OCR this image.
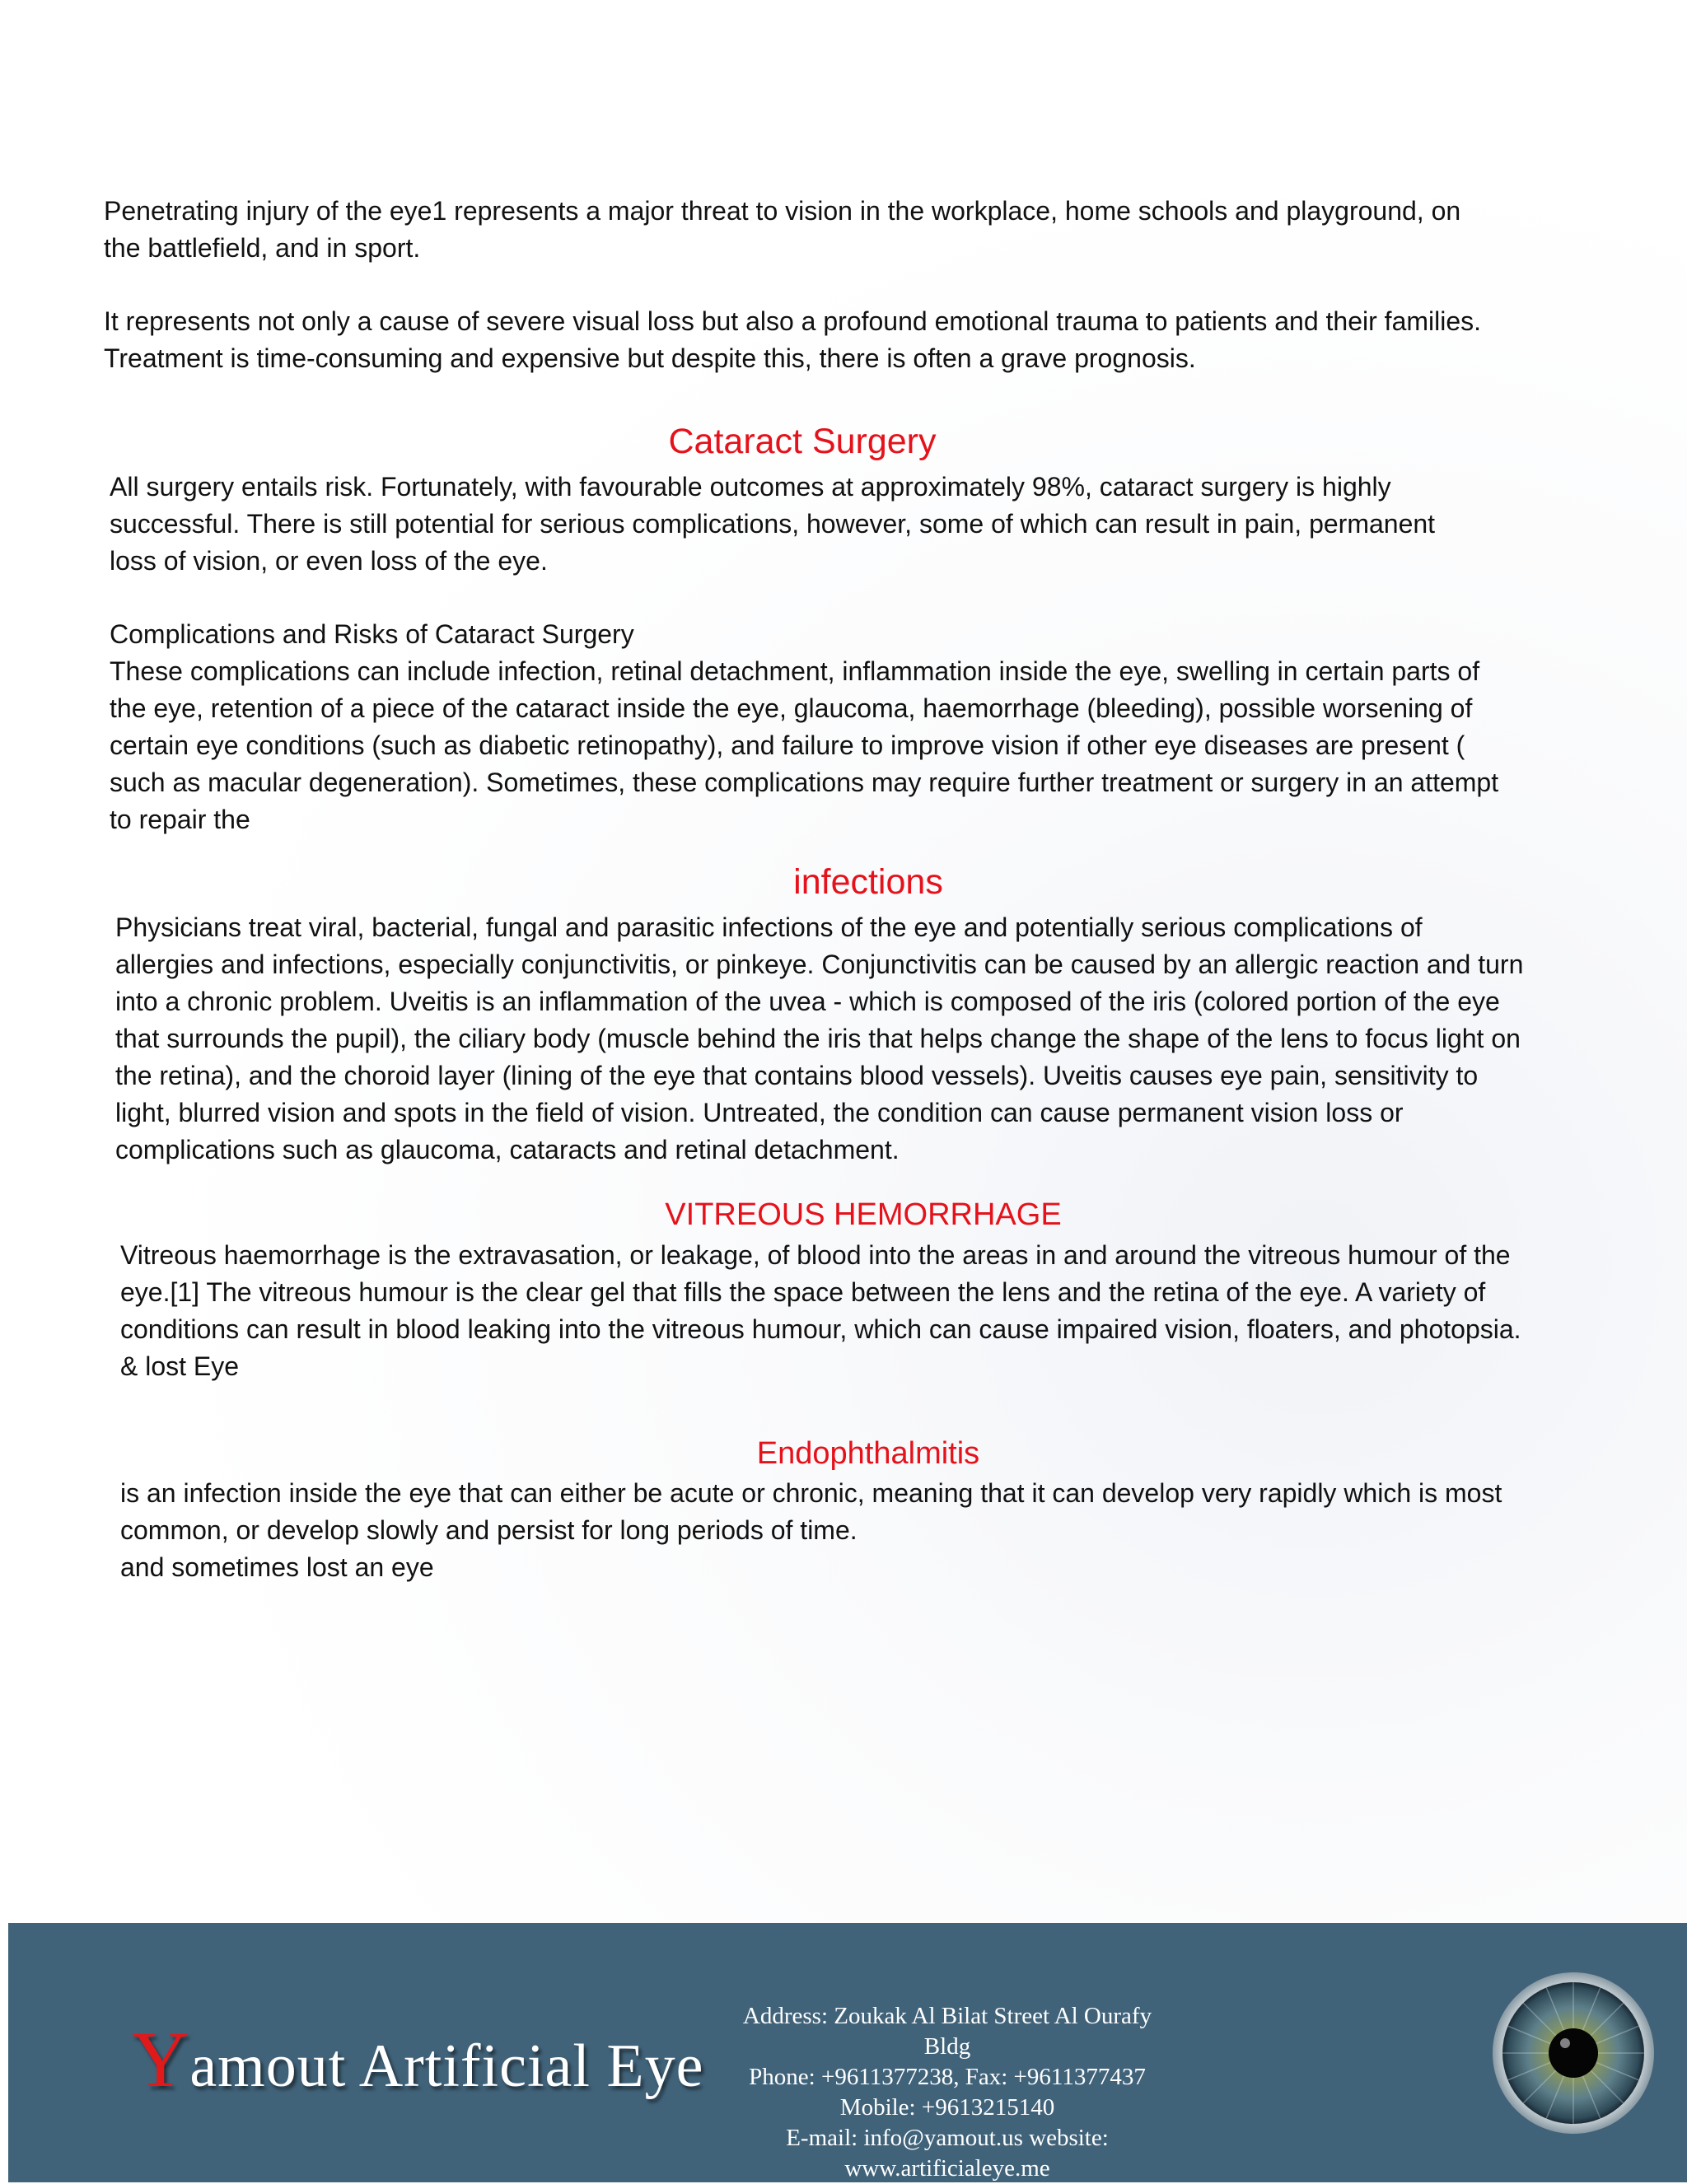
Penetrating injury of the eye1 represents a major threat to vision in the workplace, home schools and playground, on
the battlefield, and in sport.

It represents not only a cause of severe visual loss but also a profound emotional trauma to patients and their families.
Treatment is time-consuming and expensive but despite this, there is often a grave prognosis.

Cataract Surgery

All surgery entails risk. Fortunately, with favourable outcomes at approximately 98%, cataract surgery is highly
successful. There is still potential for serious complications, however, some of which can result in pain, permanent
loss of vision, or even loss of the eye.

Complications and Risks of Cataract Surgery

These complications can include infection, retinal detachment, inflammation inside the eye, swelling in certain parts of
the eye, retention of a piece of the cataract inside the eye, glaucoma, haemorrhage (bleeding), possible worsening of
certain eye conditions (such as diabetic retinopathy), and failure to improve vision if other eye diseases are present (
such as macular degeneration). Sometimes, these complications may require further treatment or surgery in an attempt
to repair the

infections

Physicians treat viral, bacterial, fungal and parasitic infections of the eye and potentially serious complications of
allergies and infections, especially conjunctivitis, or pinkeye. Conjunctivitis can be caused by an allergic reaction and turn
into a chronic problem. Uveitis is an inflammation of the uvea - which is composed of the iris (colored portion of the eye
that surrounds the pupil), the ciliary body (muscle behind the iris that helps change the shape of the lens to focus light on
the retina), and the choroid layer (lining of the eye that contains blood vessels). Uveitis causes eye pain, sensitivity to
light, blurred vision and spots in the field of vision. Untreated, the condition can cause permanent vision loss or
complications such as glaucoma, cataracts and retinal detachment.

VITREOUS HEMORRHAGE

Vitreous haemorrhage is the extravasation, or leakage, of blood into the areas in and around the vitreous humour of the
eye.[1] The vitreous humour is the clear gel that fills the space between the lens and the retina of the eye. A variety of
conditions can result in blood leaking into the vitreous humour, which can cause impaired vision, floaters, and photopsia.
& lost Eye

Endophthalmitis

is an infection inside the eye that can either be acute or chronic, meaning that it can develop very rapidly which is most
common, or develop slowly and persist for long periods of time.
and sometimes lost an eye

Yamout Artificial Eye
Address: Zoukak Al Bilat Street Al Ourafy Bldg
Phone: +9611377238, Fax: +9611377437 Mobile: +9613215140
E-mail: info@yamout.us website: www.artificialeye.me
